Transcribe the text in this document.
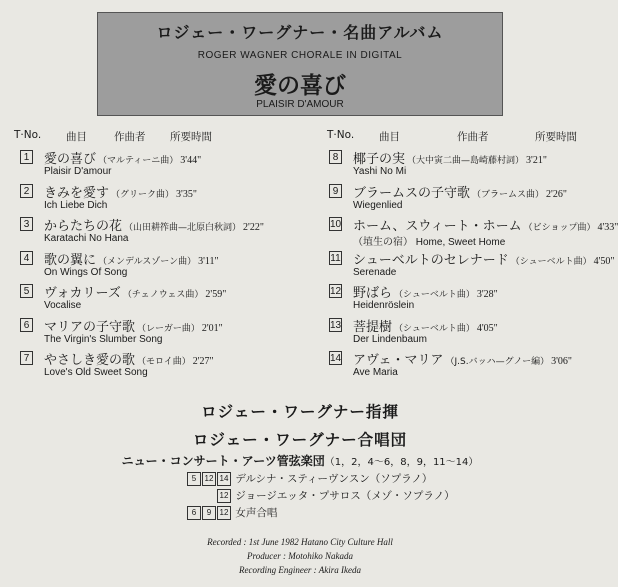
ロジェー・ワーグナー・名曲アルバム
ROGER WAGNER CHORALE IN DIGITAL
愛の喜び
PLAISIR D'AMOUR
T·No. 曲目	作曲者 所要時間	T·No. 曲目	作曲者	所要時間
1 愛の喜び （マルティーニ曲） 3'44"
Plaisir D'amour
2 きみを愛す （グリーク曲） 3'35"
Ich Liebe Dich
3 からたちの花 （山田耕筰曲—北原白秋詞） 2'22"
Karatachi No Hana
4 歌の翼に （メンデルスゾーン曲） 3'11"
On Wings Of Song
5 ヴォカリーズ （チェノウェス曲） 2'59"
Vocalise
6 マリアの子守歌 （レーガー曲） 2'01"
The Virgin's Slumber Song
7 やさしき愛の歌 （モロイ曲） 2'27"
Love's Old Sweet Song
8 椰子の実 （大中寅二曲—島崎藤村詞） 3'21"
Yashi No Mi
9 ブラームスの子守歌 （ブラームス曲） 2'26"
Wiegenlied
10 ホーム、スウィート・ホーム （ビショップ曲） 4'33"
（埴生の宿） Home, Sweet Home
11 シューベルトのセレナード （シューベルト曲） 4'50"
Serenade
12 野ばら （シューベルト曲） 3'28"
Heidenröslein
13 菩提樹 （シューベルト曲） 4'05"
Der Lindenbaum
14 アヴェ・マリア （J.S.バッハ—グノー編） 3'06"
Ave Maria
ロジェー・ワーグナー指揮
ロジェー・ワーグナー合唱団
ニュー・コンサート・アーツ管弦楽団（1，2，4〜6，8，9，11〜14）
5 12 14 デルシナ・スティーヴンスン（ソプラノ）
12 ジョージエッタ・プサロス（メゾ・ソプラノ）
6 9 12 女声合唱
Recorded : 1st June 1982 Hatano City Culture Hall
Producer : Motohiko Nakada
Recording Engineer : Akira Ikeda
